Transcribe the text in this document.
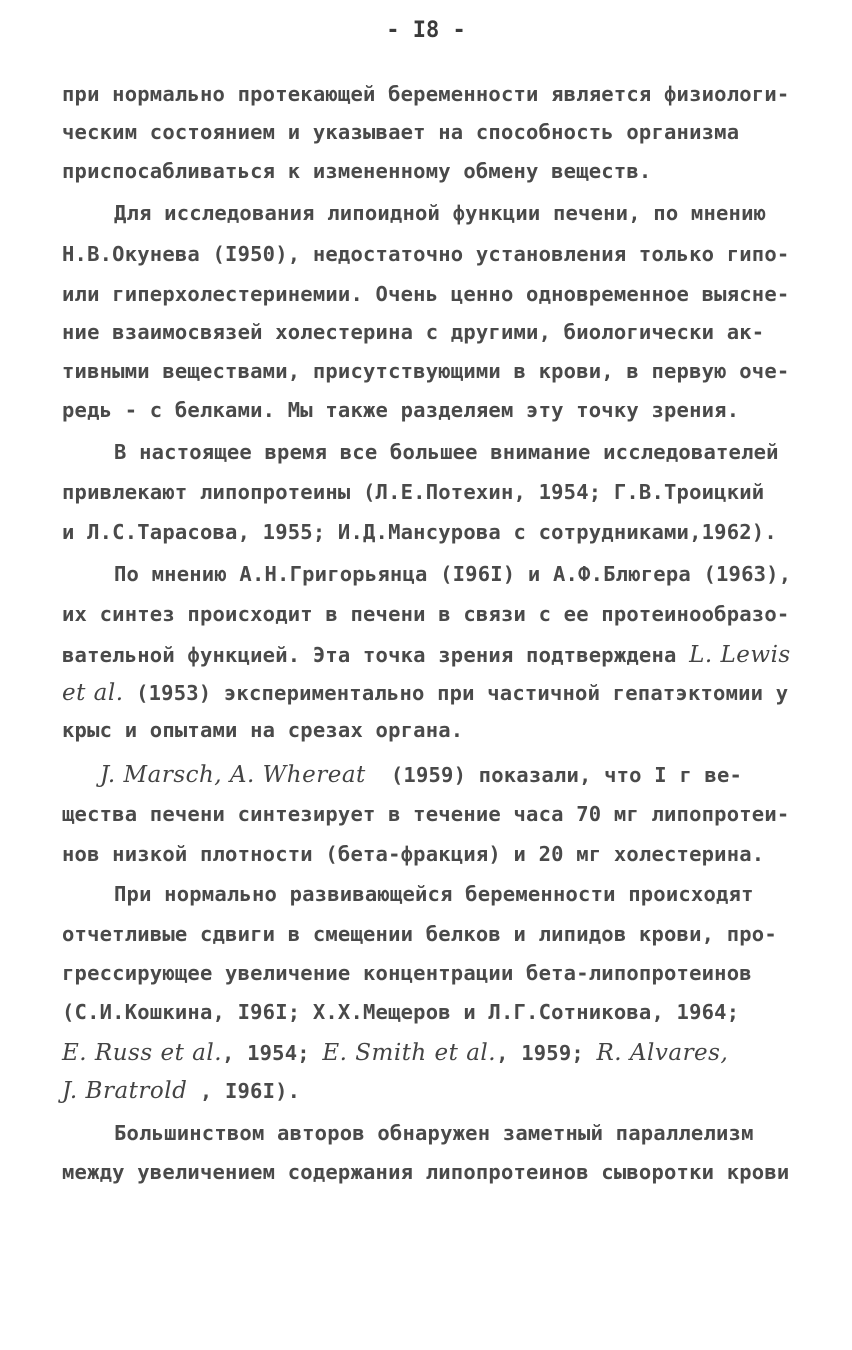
- I8 -
при нормально протекающей беременности является физиологи-
ческим состоянием и указывает на способность организма
приспосабливаться к измененному обмену веществ.
Для исследования липоидной функции печени, по мнению
Н.В.Окунева (I950), недостаточно установления только гипо-
или гиперхолестеринемии. Очень ценно одновременное выясне-
ние взаимосвязей холестерина с другими, биологически ак-
тивными веществами, присутствующими в крови, в первую оче-
редь - с белками. Мы также разделяем эту точку зрения.
В настоящее время все большее внимание исследователей
привлекают липопротеины (Л.Е.Потехин, 1954; Г.В.Троицкий
и Л.С.Тарасова, 1955; И.Д.Мансурова с сотрудниками,1962).
По мнению А.Н.Григорьянца (I96I) и А.Ф.Блюгера (1963),
их синтез происходит в печени в связи с ее протеинообразо-
вательной функцией. Эта точка зрения подтверждена L. Lewis
et al. (1953) экспериментально при частичной гепатэктомии у
крыс и опытами на срезах органа.
J. Marsch, A. Whereat  (1959) показали, что I г ве-
щества печени синтезирует в течение часа 70 мг липопротеи-
нов низкой плотности (бета-фракция) и 20 мг холестерина.
При нормально развивающейся беременности происходят
отчетливые сдвиги в смещении белков и липидов крови, про-
грессирующее увеличение концентрации бета-липопротеинов
(С.И.Кошкина, I96I; Х.Х.Мещеров и Л.Г.Сотникова, 1964;
E. Russ et al., 1954; E. Smith et al., 1959; R. Alvares,
J. Bratrold , I96I).
Большинством авторов обнаружен заметный параллелизм
между увеличением содержания липопротеинов сыворотки крови
